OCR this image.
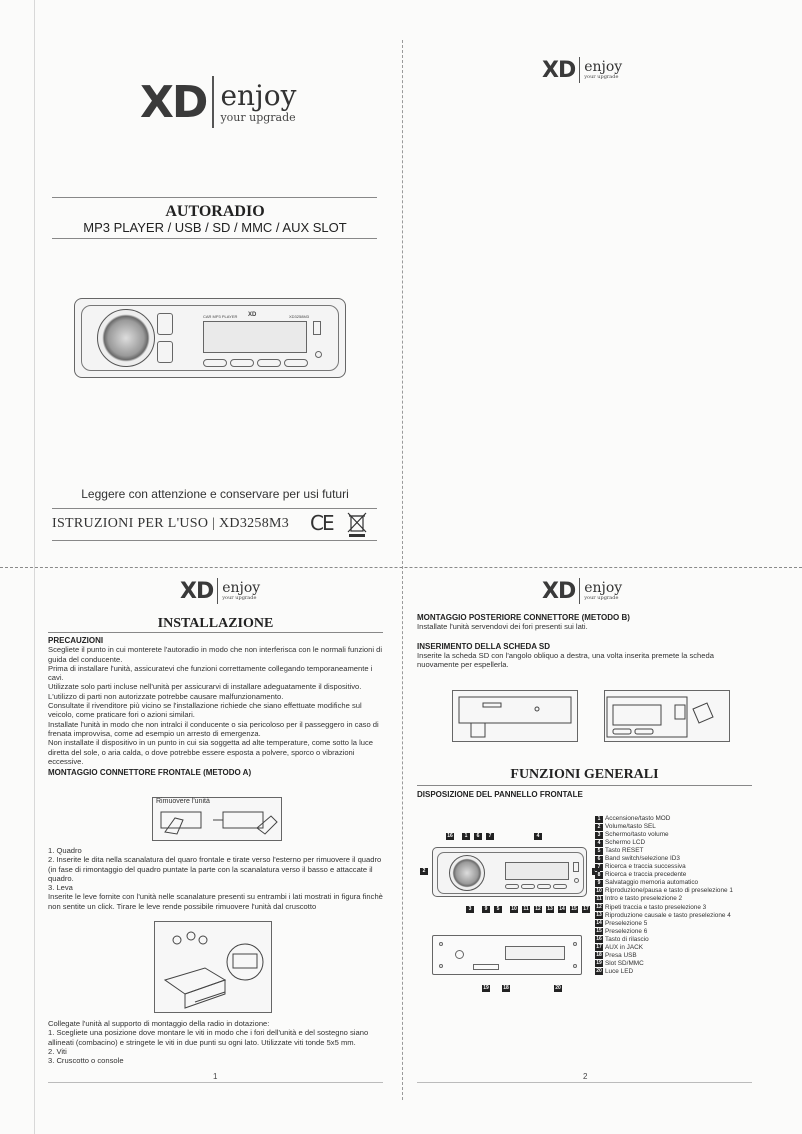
XD enjoy
your upgrade
AUTORADIO
MP3 PLAYER / USB / SD / MMC / AUX SLOT
CAR MP3 PLAYER XD	XD3258M3
Leggere con attenzione e conservare per usi futuri
ISTRUZIONI PER L'USO | XD3258M3 CE
XD enjoy
your upgrade
XD enjoy
your upgrade
INSTALLAZIONE

PRECAUZIONI

Scegliete il punto in cui monterete l'autoradio in modo che non interferisca con le normali funzioni di guida del conducente.

Prima di installare l'unità, assicuratevi che funzioni correttamente collegando temporaneamente i cavi.

Utilizzate solo parti incluse nell'unità per assicurarvi di installare adeguatamente il dispositivo. L'utilizzo di parti non autorizzate potrebbe causare malfunzionamento.

Consultate il rivenditore più vicino se l'installazione richiede che siano effettuate modifiche sul veicolo, come praticare fori o azioni similari.

Installate l'unità in modo che non intralci il conducente o sia pericoloso per il passeggero in caso di frenata improvvisa, come ad esempio un arresto di emergenza.

Non installate il dispositivo in un punto in cui sia soggetta ad alte temperature, come sotto la luce diretta del sole, o aria calda, o dove potrebbe essere esposta a polvere, sporco o vibrazioni eccessive.

MONTAGGIO CONNETTORE FRONTALE (METODO A)

Rimuovere l'unità

1. Quadro

2. Inserite le dita nella scanalatura del quaro frontale e tirate verso l'esterno per rimuovere il quadro (in fase di rimontaggio del quadro puntate la parte con la scanalatura verso il basso e attaccate il quadro.

3. Leva

Inserite le leve fornite con l'unità nelle scanalature presenti su entrambi i lati mostrati in figura finchè non sentite un click. Tirare le leve rende possibile rimuovere l'unità dal cruscotto

Collegate l'unità al supporto di montaggio della radio in dotazione:

1. Scegliete una posizione dove montare le viti in modo che i fori dell'unità e del sostegno siano allineati (combacino) e stringete le viti in due punti su ogni lato. Utilizzate viti tonde 5x5 mm.

2. Viti

3. Cruscotto o console

1
XD enjoy
your upgrade

MONTAGGIO POSTERIORE CONNETTORE (METODO B)

Installate l'unità servendovi dei fori presenti sui lati.

INSERIMENTO DELLA SCHEDA SD

Inserite la scheda SD con l'angolo obliquo a destra, una volta inserita premete la scheda nuovamente per espellerla.

FUNZIONI GENERALI

DISPOSIZIONE DEL PANNELLO FRONTALE

16	1	6	7	4
2
3	9	5	10 11 12 13 14 15 17
19	18	20
1 Accensione/tasto MOD
2 Volume/tasto SEL
3 Schermo/tasto volume
4 Schermo LCD
5 Tasto RESET
6 Band switch/selezione ID3
7 Ricerca e traccia successiva
8 Ricerca e traccia precedente
9 Salvataggio memoria automatico
10 Riproduzione/pausa e tasto di preselezione 1
11 Intro e tasto preselezione 2
12 Ripeti traccia e tasto preselezione 3
13 Riproduzione causale e tasto preselezione 4
14 Preselezione 5
15 Preselezione 6
16 Tasto di rilascio
17 AUX in JACK
18 Presa USB
19 Slot SD/MMC
20 Luce LED
2
